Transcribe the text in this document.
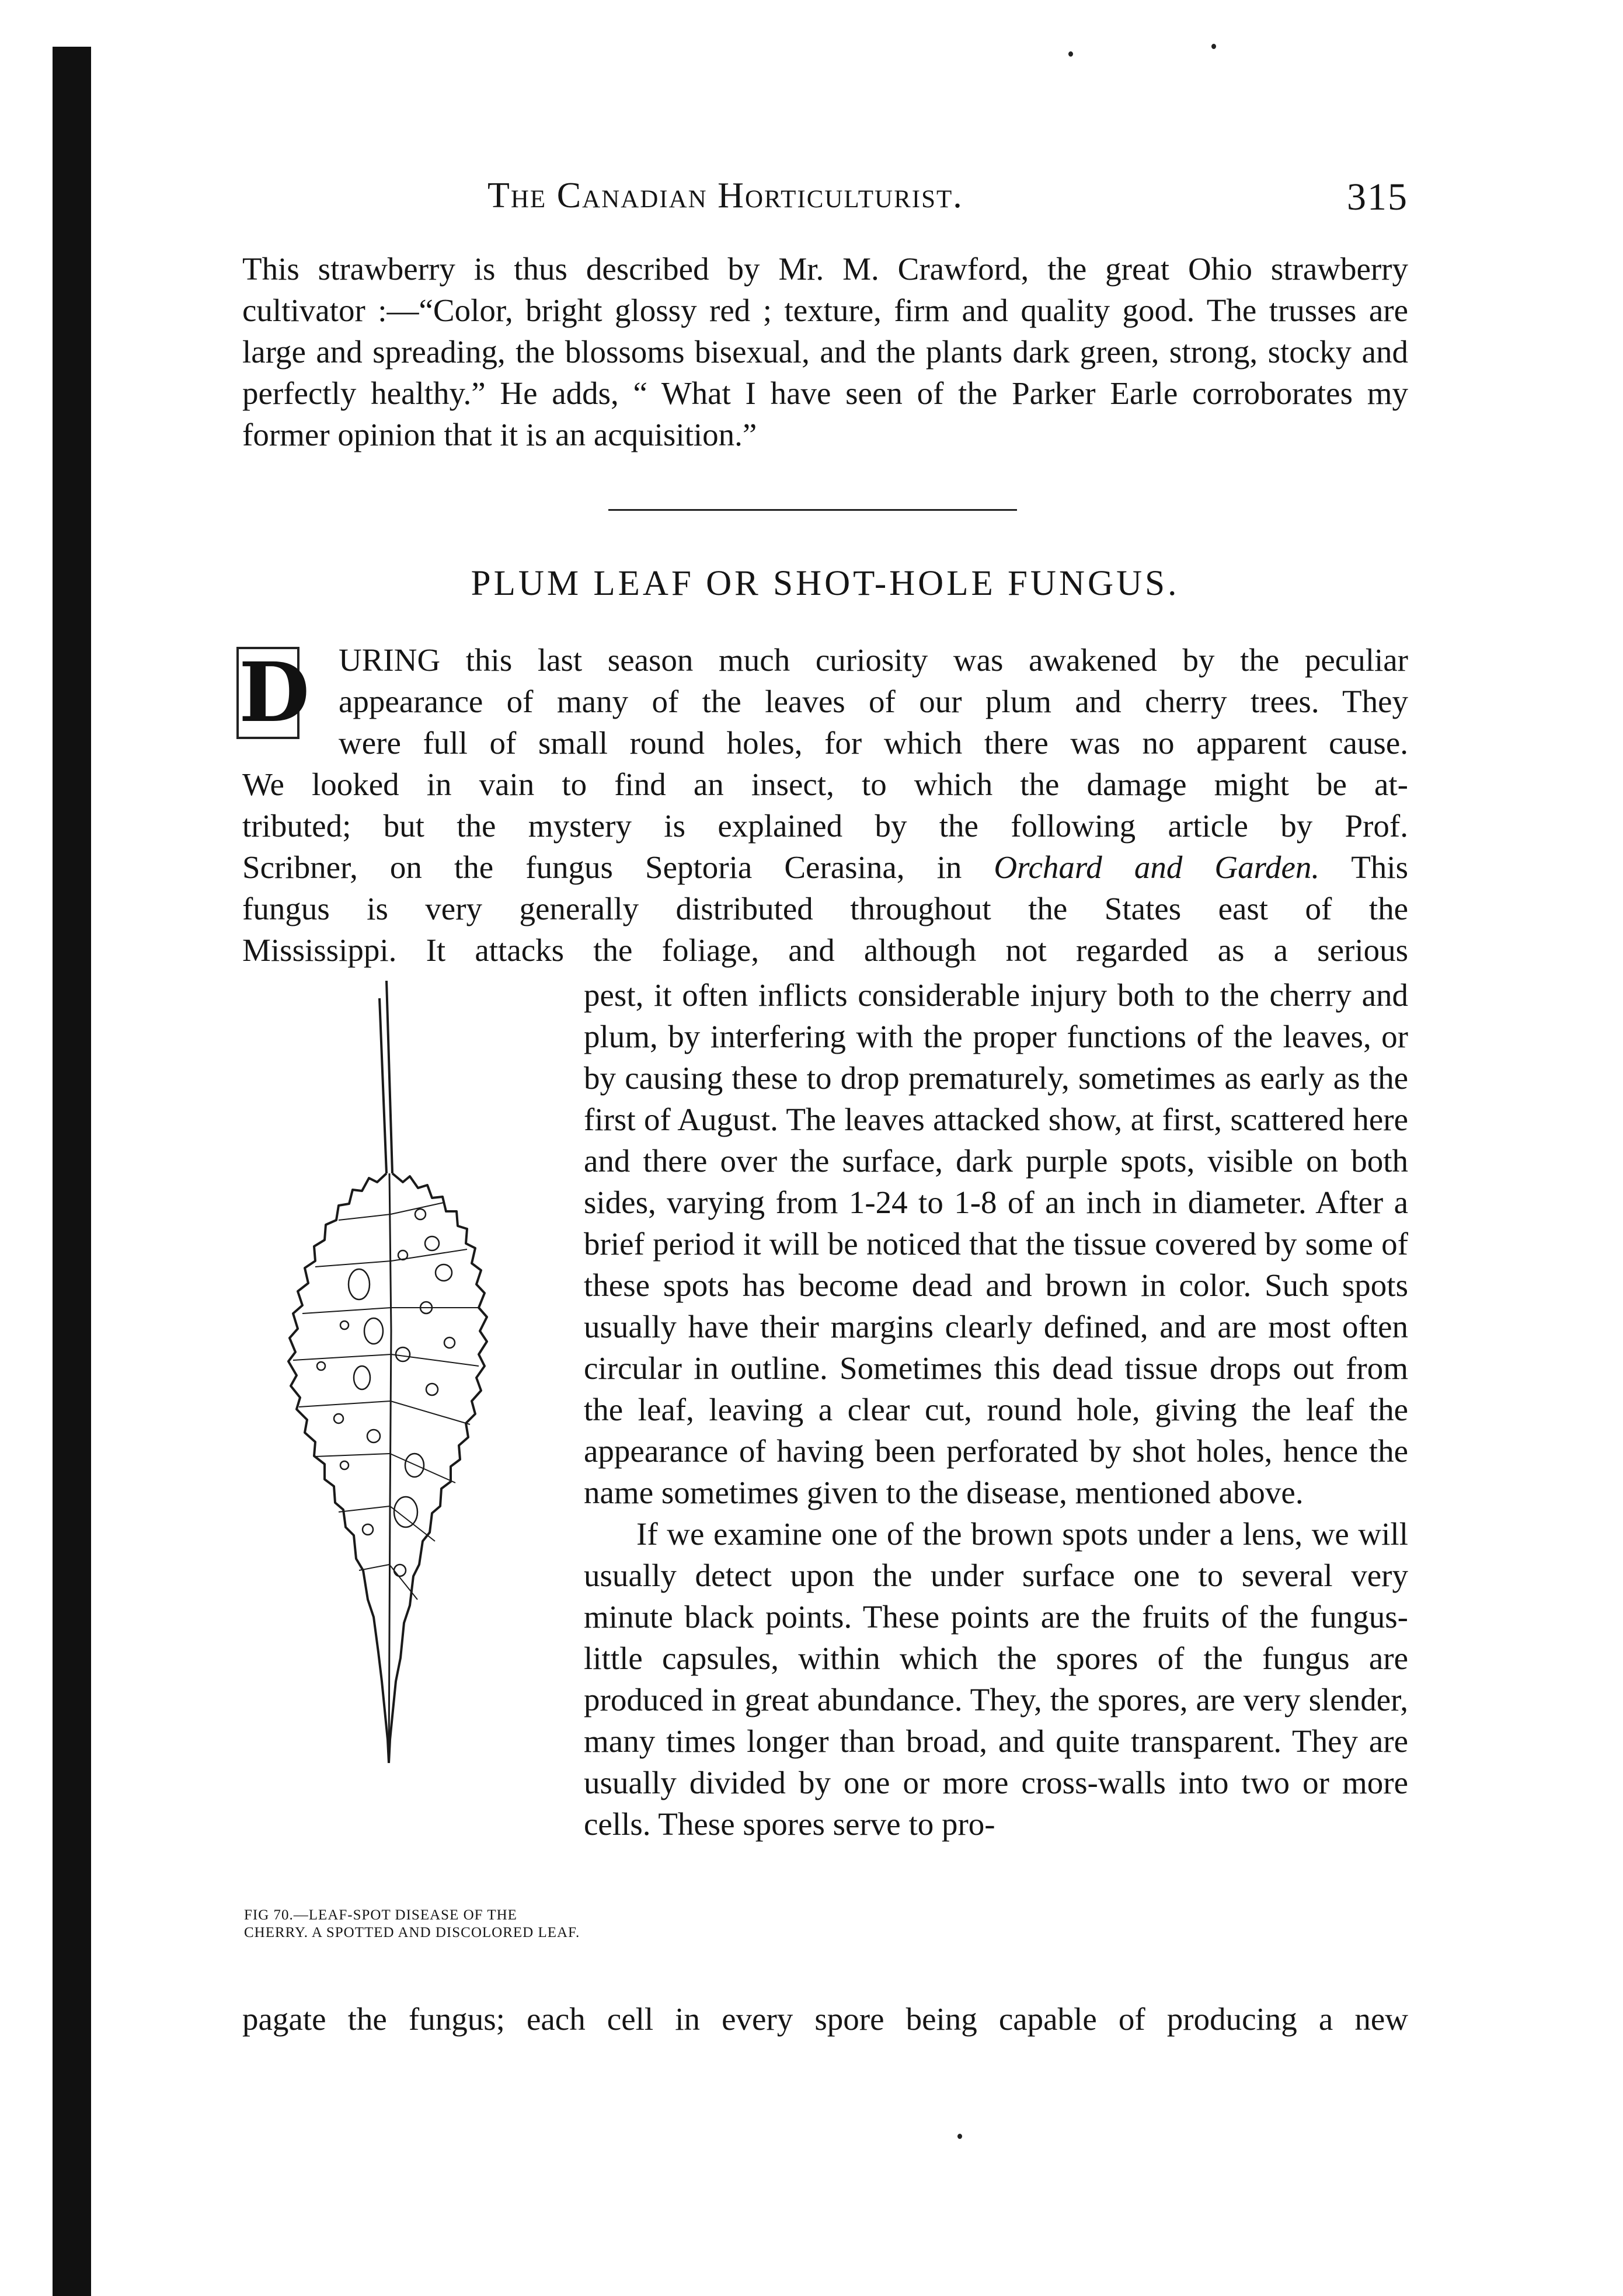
The Canadian Horticulturist.	315
This strawberry is thus described by Mr. M. Crawford, the great Ohio strawberry cultivator :—“Color, bright glossy red ; texture, firm and quality good. The trusses are large and spreading, the blossoms bisexual, and the plants dark green, strong, stocky and perfectly healthy.” He adds, “ What I have seen of the Parker Earle corroborates my former opinion that it is an acquisition.”
PLUM LEAF OR SHOT-HOLE FUNGUS.
D URING this last season much curiosity was awakened by the peculiar
appearance of many of the leaves of our plum and cherry trees. They
were full of small round holes, for which there was no apparent cause.
We looked in vain to find an insect, to which the damage might be at-
tributed; but the mystery is explained by the following article by Prof.
Scribner, on the fungus Septoria Cerasina, in Orchard and Garden. This
fungus is very generally distributed throughout the States east of the
Mississippi. It attacks the foliage, and although not regarded as a serious
FIG 70.—LEAF-SPOT DISEASE OF THE CHERRY. A SPOTTED AND DISCOLORED LEAF.

pest, it often inflicts considerable injury both to the cherry and plum, by interfering with the proper functions of the leaves, or by causing these to drop prematurely, sometimes as early as the first of August. The leaves attacked show, at first, scattered here and there over the surface, dark purple spots, visible on both sides, varying from 1-24 to 1-8 of an inch in diameter. After a brief period it will be noticed that the tissue covered by some of these spots has become dead and brown in color. Such spots usually have their margins clearly defined, and are most often circular in outline. Sometimes this dead tissue drops out from the leaf, leaving a clear cut, round hole, giving the leaf the appearance of having been perforated by shot holes, hence the name sometimes given to the disease, mentioned above.

If we examine one of the brown spots under a lens, we will usually detect upon the under surface one to several very minute black points. These points are the fruits of the fungus-little capsules, within which the spores of the fungus are produced in great abundance. They, the spores, are very slender, many times longer than broad, and quite transparent. They are usually divided by one or more cross-walls into two or more cells. These spores serve to pro-

pagate the fungus; each cell in every spore being capable of producing a new
